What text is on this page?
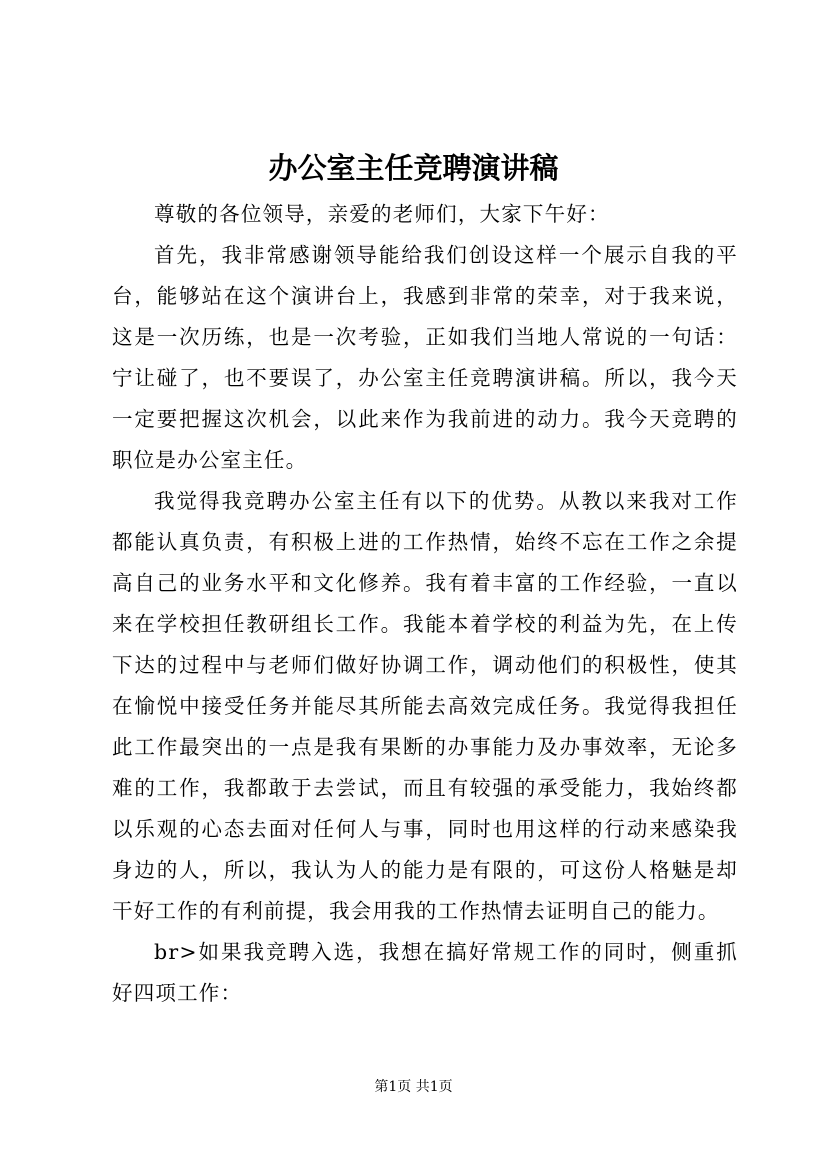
办公室主任竞聘演讲稿

尊敬的各位领导，亲爱的老师们，大家下午好：

首先，我非常感谢领导能给我们创设这样一个展示自我的平台，能够站在这个演讲台上，我感到非常的荣幸，对于我来说，这是一次历练，也是一次考验，正如我们当地人常说的一句话：宁让碰了，也不要误了，办公室主任竞聘演讲稿。所以，我今天一定要把握这次机会，以此来作为我前进的动力。我今天竞聘的职位是办公室主任。

我觉得我竞聘办公室主任有以下的优势。从教以来我对工作都能认真负责，有积极上进的工作热情，始终不忘在工作之余提高自己的业务水平和文化修养。我有着丰富的工作经验，一直以来在学校担任教研组长工作。我能本着学校的利益为先，在上传下达的过程中与老师们做好协调工作，调动他们的积极性，使其在愉悦中接受任务并能尽其所能去高效完成任务。我觉得我担任此工作最突出的一点是我有果断的办事能力及办事效率，无论多难的工作，我都敢于去尝试，而且有较强的承受能力，我始终都以乐观的心态去面对任何人与事，同时也用这样的行动来感染我身边的人，所以，我认为人的能力是有限的，可这份人格魅是却干好工作的有利前提，我会用我的工作热情去证明自己的能力。

br>如果我竞聘入选，我想在搞好常规工作的同时，侧重抓好四项工作：

第1页 共1页
